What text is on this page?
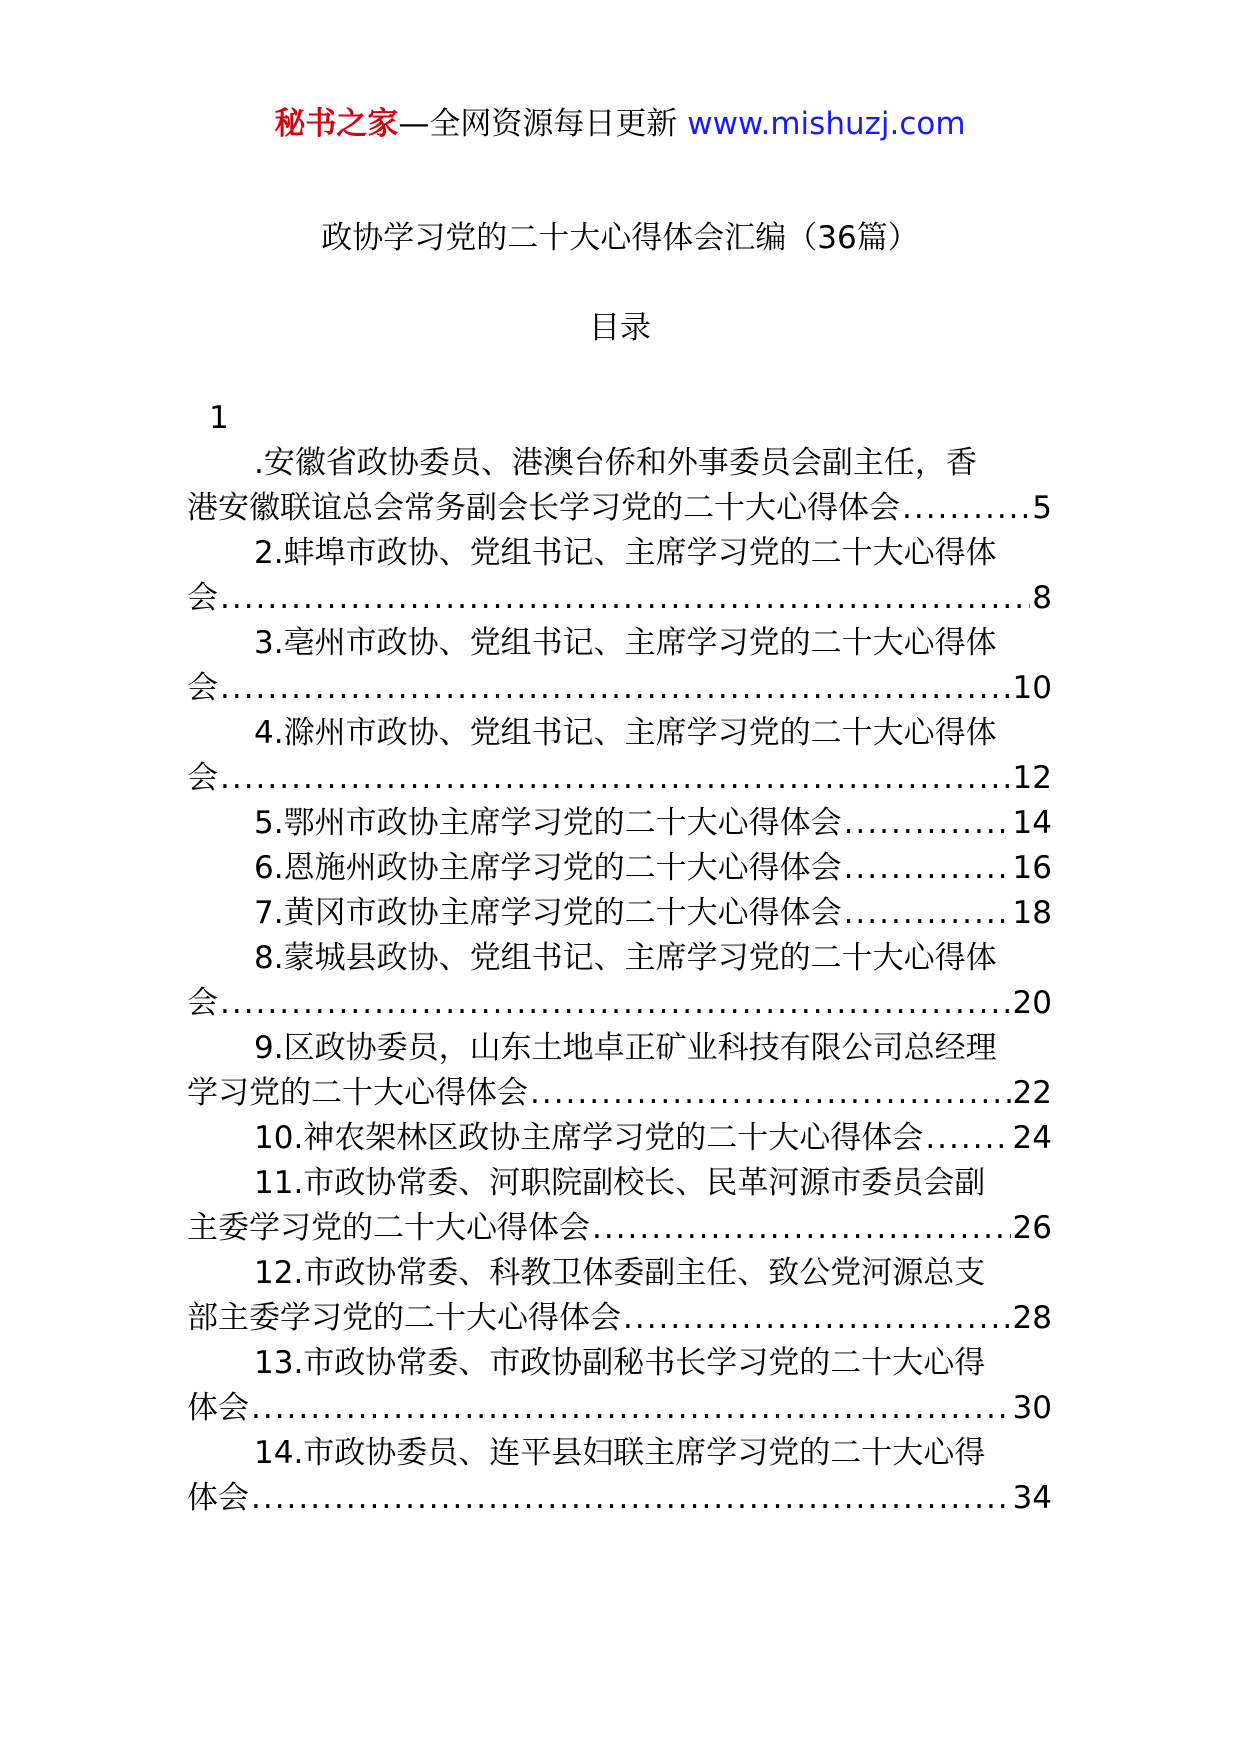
秘书之家—全网资源每日更新 www.mishuzj.com
政协学习党的二十大心得体会汇编（36篇）
目录
1
.安徽省政协委员、港澳台侨和外事委员会副主任，香
港安徽联谊总会常务副会长学习党的二十大心得体会 .....	5
2.蚌埠市政协、党组书记、主席学习党的二十大心得体
会 .....	8
3.亳州市政协、党组书记、主席学习党的二十大心得体
会 .....	10
4.滁州市政协、党组书记、主席学习党的二十大心得体
会 .....	12
5.鄂州市政协主席学习党的二十大心得体会 .....	14
6.恩施州政协主席学习党的二十大心得体会 .....	16
7.黄冈市政协主席学习党的二十大心得体会 .....	18
8.蒙城县政协、党组书记、主席学习党的二十大心得体
会 .....	20
9.区政协委员，山东土地卓正矿业科技有限公司总经理
学习党的二十大心得体会 .....	22
10.神农架林区政协主席学习党的二十大心得体会 .....	24
11.市政协常委、河职院副校长、民革河源市委员会副
主委学习党的二十大心得体会 .....	26
12.市政协常委、科教卫体委副主任、致公党河源总支
部主委学习党的二十大心得体会 .....	28
13.市政协常委、市政协副秘书长学习党的二十大心得
体会 .....	30
14.市政协委员、连平县妇联主席学习党的二十大心得
体会 .....	34
